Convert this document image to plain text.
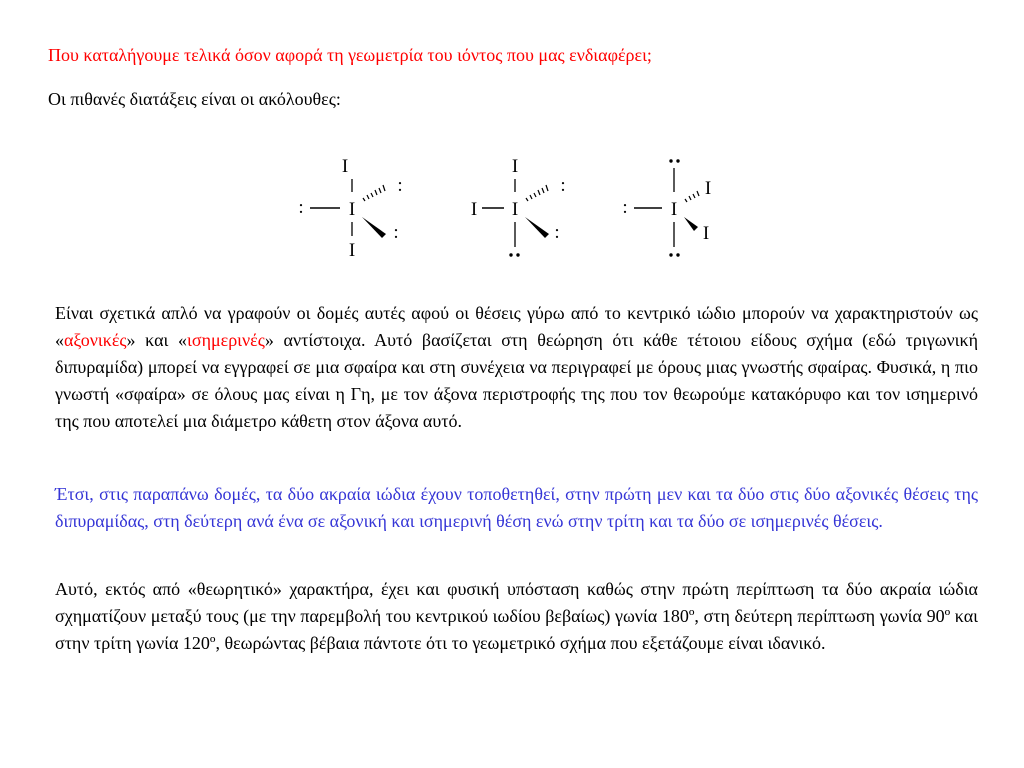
Που καταλήγουμε τελικά όσον αφορά τη γεωμετρία του ιόντος που μας ενδιαφέρει;
Οι πιθανές διατάξεις είναι οι ακόλουθες:
I
I
:
:
:
I
I
I
I
:
:
I
:
I
I
Είναι σχετικά απλό να γραφούν οι δομές αυτές αφού οι θέσεις γύρω από το κεντρικό ιώδιο μπορούν να χαρακτηριστούν ως «αξονικές» και «ισημερινές» αντίστοιχα. Αυτό βασίζεται στη θεώρηση ότι κάθε τέτοιου είδους σχήμα (εδώ τριγωνική διπυραμίδα) μπορεί να εγγραφεί σε μια σφαίρα και στη συνέχεια να περιγραφεί με όρους μιας γνωστής σφαίρας. Φυσικά, η πιο γνωστή «σφαίρα» σε όλους μας είναι η Γη, με τον άξονα περιστροφής της που τον θεωρούμε κατακόρυφο και τον ισημερινό της που αποτελεί μια διάμετρο κάθετη στον άξονα αυτό.
Έτσι, στις παραπάνω δομές, τα δύο ακραία ιώδια έχουν τοποθετηθεί, στην πρώτη μεν και τα δύο στις δύο αξονικές θέσεις της διπυραμίδας, στη δεύτερη ανά ένα σε αξονική και ισημερινή θέση ενώ στην τρίτη και τα δύο σε ισημερινές θέσεις.
Αυτό, εκτός από «θεωρητικό» χαρακτήρα, έχει και φυσική υπόσταση καθώς στην πρώτη περίπτωση τα δύο ακραία ιώδια σχηματίζουν μεταξύ τους (με την παρεμβολή του κεντρικού ιωδίου βεβαίως) γωνία 180º, στη δεύτερη περίπτωση γωνία 90º και στην τρίτη γωνία 120º, θεωρώντας βέβαια πάντοτε ότι το γεωμετρικό σχήμα που εξετάζουμε είναι ιδανικό.
